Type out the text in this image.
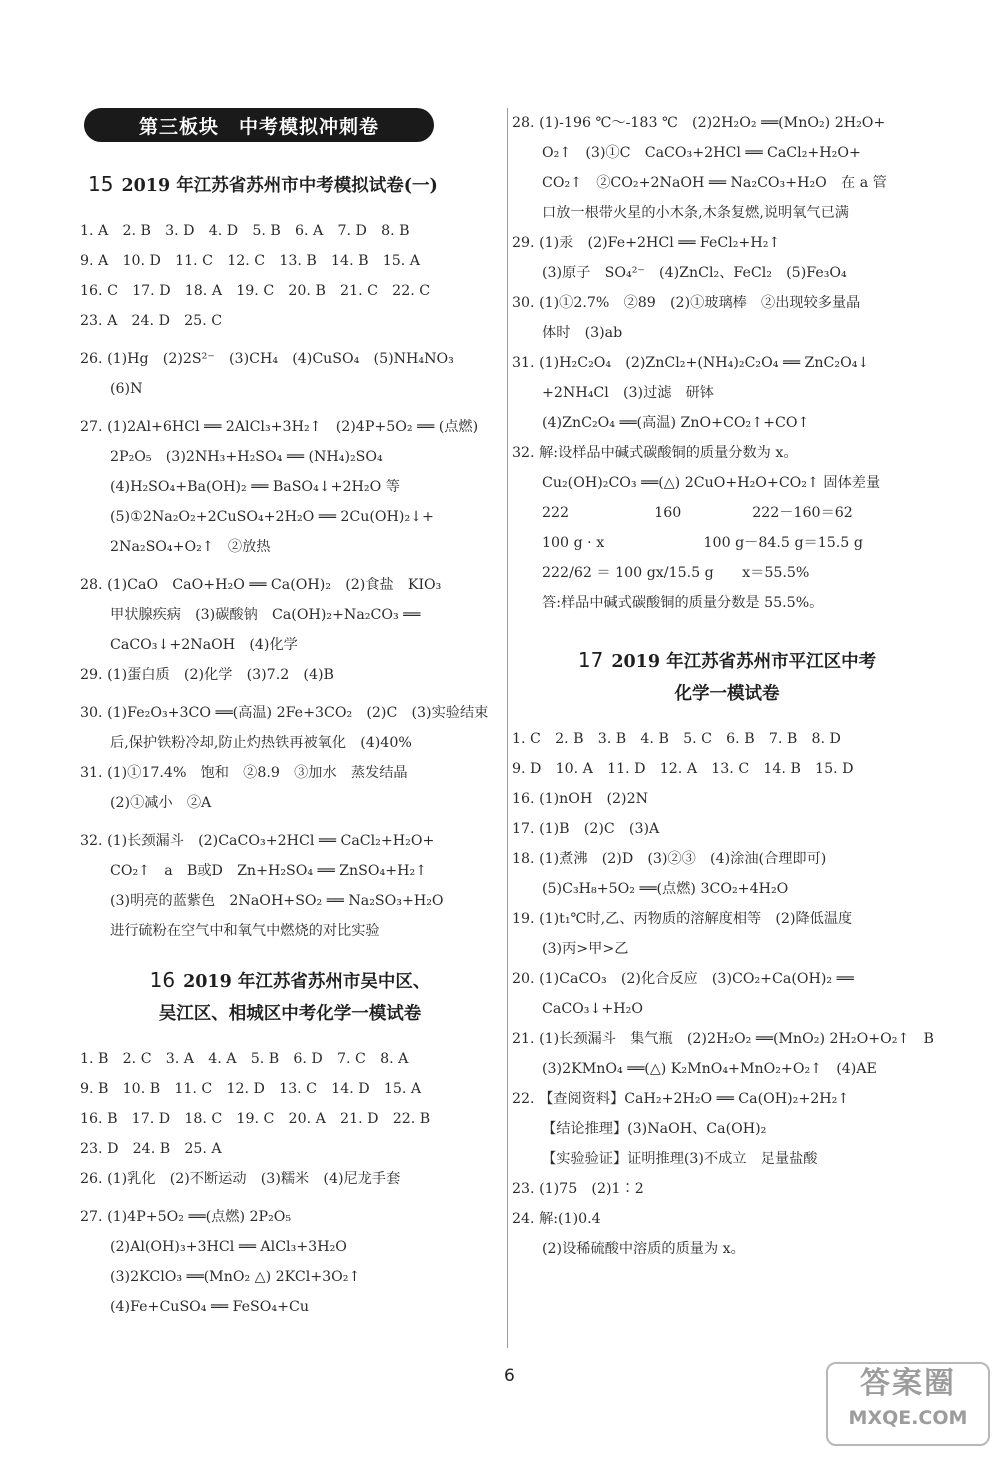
第三板块　中考模拟冲刺卷
15 2019 年江苏省苏州市中考模拟试卷(一)
1. A　2. B　3. D　4. D　5. B　6. A　7. D　8. B
9. A　10. D　11. C　12. C　13. B　14. B　15. A
16. C　17. D　18. A　19. C　20. B　21. C　22. C
23. A　24. D　25. C
26. (1)Hg　(2)2S²⁻　(3)CH₄　(4)CuSO₄　(5)NH₄NO₃
(6)N
27. (1)2Al+6HCl ══ 2AlCl₃+3H₂↑　(2)4P+5O₂ ══ (点燃)
2P₂O₅　(3)2NH₃+H₂SO₄ ══ (NH₄)₂SO₄
(4)H₂SO₄+Ba(OH)₂ ══ BaSO₄↓+2H₂O 等
(5)①2Na₂O₂+2CuSO₄+2H₂O ══ 2Cu(OH)₂↓+
2Na₂SO₄+O₂↑　②放热
28. (1)CaO　CaO+H₂O ══ Ca(OH)₂　(2)食盐　KIO₃
甲状腺疾病　(3)碳酸钠　Ca(OH)₂+Na₂CO₃ ══
CaCO₃↓+2NaOH　(4)化学
29. (1)蛋白质　(2)化学　(3)7.2　(4)B
30. (1)Fe₂O₃+3CO ══(高温) 2Fe+3CO₂　(2)C　(3)实验结束
后,保护铁粉冷却,防止灼热铁再被氧化　(4)40%
31. (1)①17.4%　饱和　②8.9　③加水　蒸发结晶
(2)①减小　②A
32. (1)长颈漏斗　(2)CaCO₃+2HCl ══ CaCl₂+H₂O+
CO₂↑　a　B或D　Zn+H₂SO₄ ══ ZnSO₄+H₂↑
(3)明亮的蓝紫色　2NaOH+SO₂ ══ Na₂SO₃+H₂O
进行硫粉在空气中和氧气中燃烧的对比实验
16 2019 年江苏省苏州市吴中区、
吴江区、相城区中考化学一模试卷
1. B　2. C　3. A　4. A　5. B　6. D　7. C　8. A
9. B　10. B　11. C　12. D　13. C　14. D　15. A
16. B　17. D　18. C　19. C　20. A　21. D　22. B
23. D　24. B　25. A
26. (1)乳化　(2)不断运动　(3)糯米　(4)尼龙手套
27. (1)4P+5O₂ ══(点燃) 2P₂O₅
(2)Al(OH)₃+3HCl ══ AlCl₃+3H₂O
(3)2KClO₃ ══(MnO₂ △) 2KCl+3O₂↑
(4)Fe+CuSO₄ ══ FeSO₄+Cu
28. (1)-196 ℃～-183 ℃　(2)2H₂O₂ ══(MnO₂) 2H₂O+
O₂↑　(3)①C　CaCO₃+2HCl ══ CaCl₂+H₂O+
CO₂↑　②CO₂+2NaOH ══ Na₂CO₃+H₂O　在 a 管
口放一根带火星的小木条,木条复燃,说明氧气已满
29. (1)汞　(2)Fe+2HCl ══ FeCl₂+H₂↑
(3)原子　SO₄²⁻　(4)ZnCl₂、FeCl₂　(5)Fe₃O₄
30. (1)①2.7%　②89　(2)①玻璃棒　②出现较多量晶
体时　(3)ab
31. (1)H₂C₂O₄　(2)ZnCl₂+(NH₄)₂C₂O₄ ══ ZnC₂O₄↓
+2NH₄Cl　(3)过滤　研钵
(4)ZnC₂O₄ ══(高温) ZnO+CO₂↑+CO↑
32. 解:设样品中碱式碳酸铜的质量分数为 x。
Cu₂(OH)₂CO₃ ══(△) 2CuO+H₂O+CO₂↑ 固体差量
222　　　　　　160　　　　　222－160＝62
100 g · x　　　　　　　100 g－84.5 g＝15.5 g
222/62 ＝ 100 gx/15.5 g　　x＝55.5%
答:样品中碱式碳酸铜的质量分数是 55.5%。
17 2019 年江苏省苏州市平江区中考
化学一模试卷
1. C　2. B　3. B　4. B　5. C　6. B　7. B　8. D
9. D　10. A　11. D　12. A　13. C　14. B　15. D
16. (1)nOH　(2)2N
17. (1)B　(2)C　(3)A
18. (1)煮沸　(2)D　(3)②③　(4)涂油(合理即可)
(5)C₃H₈+5O₂ ══(点燃) 3CO₂+4H₂O
19. (1)t₁℃时,乙、丙物质的溶解度相等　(2)降低温度
(3)丙>甲>乙
20. (1)CaCO₃　(2)化合反应　(3)CO₂+Ca(OH)₂ ══
CaCO₃↓+H₂O
21. (1)长颈漏斗　集气瓶　(2)2H₂O₂ ══(MnO₂) 2H₂O+O₂↑　B
(3)2KMnO₄ ══(△) K₂MnO₄+MnO₂+O₂↑　(4)AE
22. 【查阅资料】CaH₂+2H₂O ══ Ca(OH)₂+2H₂↑
【结论推理】(3)NaOH、Ca(OH)₂
【实验验证】证明推理(3)不成立　足量盐酸
23. (1)75　(2)1∶2
24. 解:(1)0.4
(2)设稀硫酸中溶质的质量为 x。
6	答案圈
MXQE.COM
